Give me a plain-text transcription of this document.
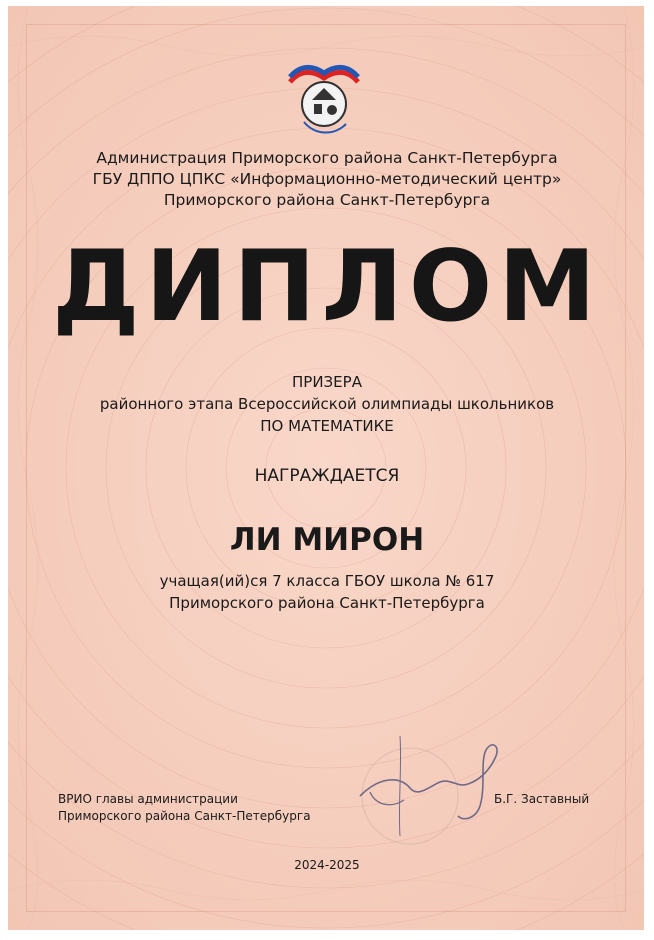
Администрация Приморского района Санкт-Петербурга
ГБУ ДППО ЦПКС «Информационно-методический центр»
Приморского района Санкт-Петербурга
ДИПЛОМ
ПРИЗЕРА
районного этапа Всероссийской олимпиады школьников
ПО МАТЕМАТИКЕ
НАГРАЖДАЕТСЯ
ЛИ МИРОН
учащая(ий)ся 7 класса ГБОУ школа № 617
Приморского района Санкт-Петербурга
ВРИО главы администрации
Приморского района Санкт-Петербурга
Б.Г. Заставный
2024-2025
